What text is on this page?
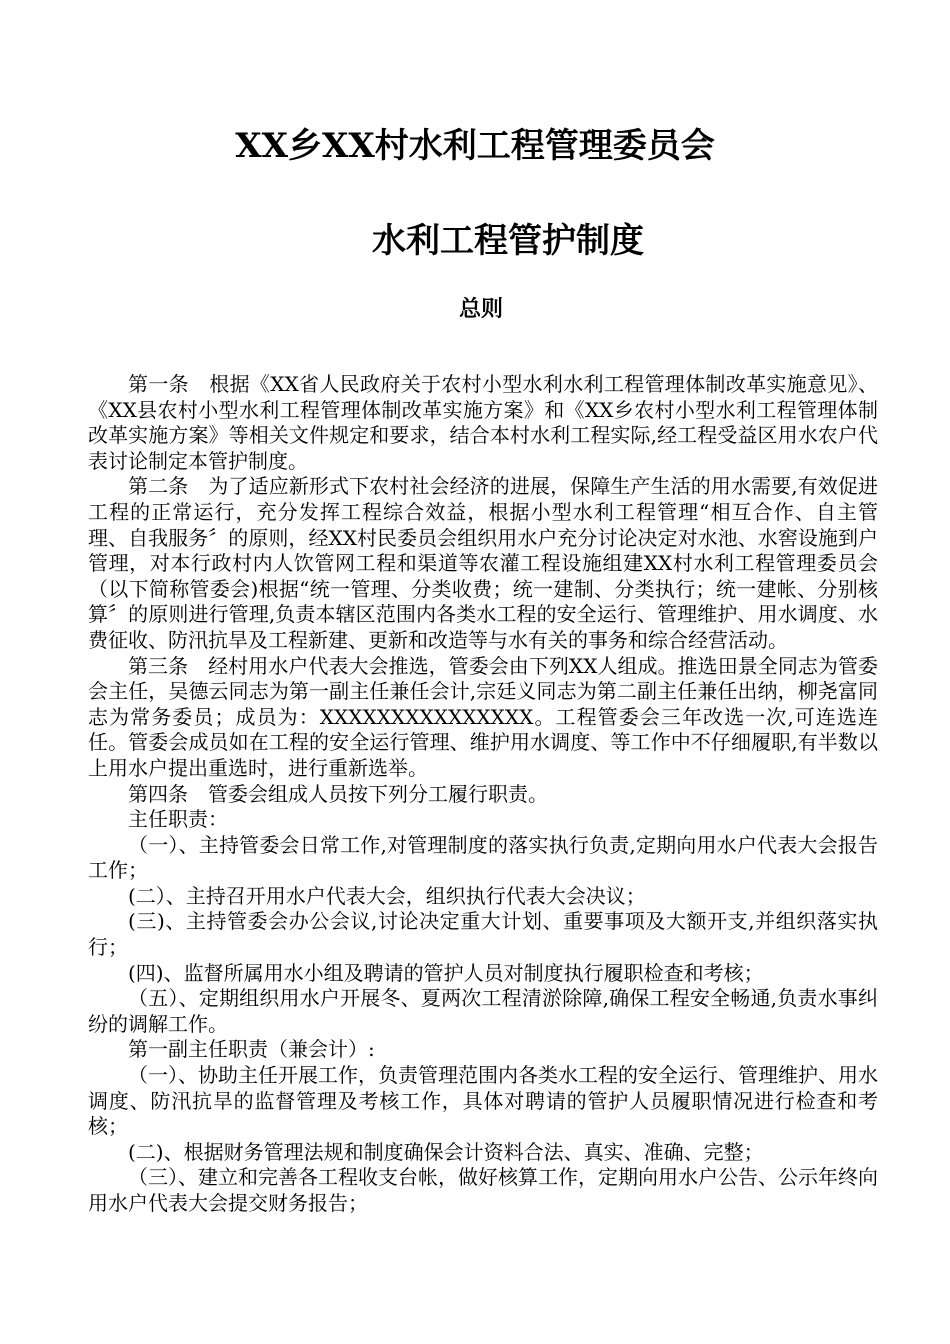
XX乡XX村水利工程管理委员会
水利工程管护制度
总则

第一条　根据《XX省人民政府关于农村小型水利水利工程管理体制改革实施意见》、《XX县农村小型水利工程管理体制改革实施方案》和《XX乡农村小型水利工程管理体制改革实施方案》等相关文件规定和要求，结合本村水利工程实际,经工程受益区用水农户代表讨论制定本管护制度。

第二条　为了适应新形式下农村社会经济的进展，保障生产生活的用水需要,有效促进工程的正常运行，充分发挥工程综合效益，根据小型水利工程管理“相互合作、自主管理、自我服务〞的原则，经XX村民委员会组织用水户充分讨论决定对水池、水窖设施到户管理，对本行政村内人饮管网工程和渠道等农灌工程设施组建XX村水利工程管理委员会（以下简称管委会)根据“统一管理、分类收费；统一建制、分类执行；统一建帐、分别核算〞的原则进行管理,负责本辖区范围内各类水工程的安全运行、管理维护、用水调度、水费征收、防汛抗旱及工程新建、更新和改造等与水有关的事务和综合经营活动。

第三条　经村用水户代表大会推选，管委会由下列XX人组成。推选田景全同志为管委会主任，吴德云同志为第一副主任兼任会计,宗廷义同志为第二副主任兼任出纳，柳尧富同志为常务委员；成员为：XXXXXXXXXXXXXXX。工程管委会三年改选一次,可连选连任。管委会成员如在工程的安全运行管理、维护用水调度、等工作中不仔细履职,有半数以上用水户提出重选时，进行重新选举。

第四条　管委会组成人员按下列分工履行职责。

主任职责：

（一）、主持管委会日常工作,对管理制度的落实执行负责,定期向用水户代表大会报告工作；

(二）、主持召开用水户代表大会，组织执行代表大会决议；

(三)、主持管委会办公会议,讨论决定重大计划、重要事项及大额开支,并组织落实执行；

(四)、监督所属用水小组及聘请的管护人员对制度执行履职检查和考核；

（五）、定期组织用水户开展冬、夏两次工程清淤除障,确保工程安全畅通,负责水事纠纷的调解工作。

第一副主任职责（兼会计）:

（一）、协助主任开展工作，负责管理范围内各类水工程的安全运行、管理维护、用水调度、防汛抗旱的监督管理及考核工作，具体对聘请的管护人员履职情况进行检查和考核；

(二)、根据财务管理法规和制度确保会计资料合法、真实、准确、完整；

（三）、建立和完善各工程收支台帐，做好核算工作，定期向用水户公告、公示年终向用水户代表大会提交财务报告；
